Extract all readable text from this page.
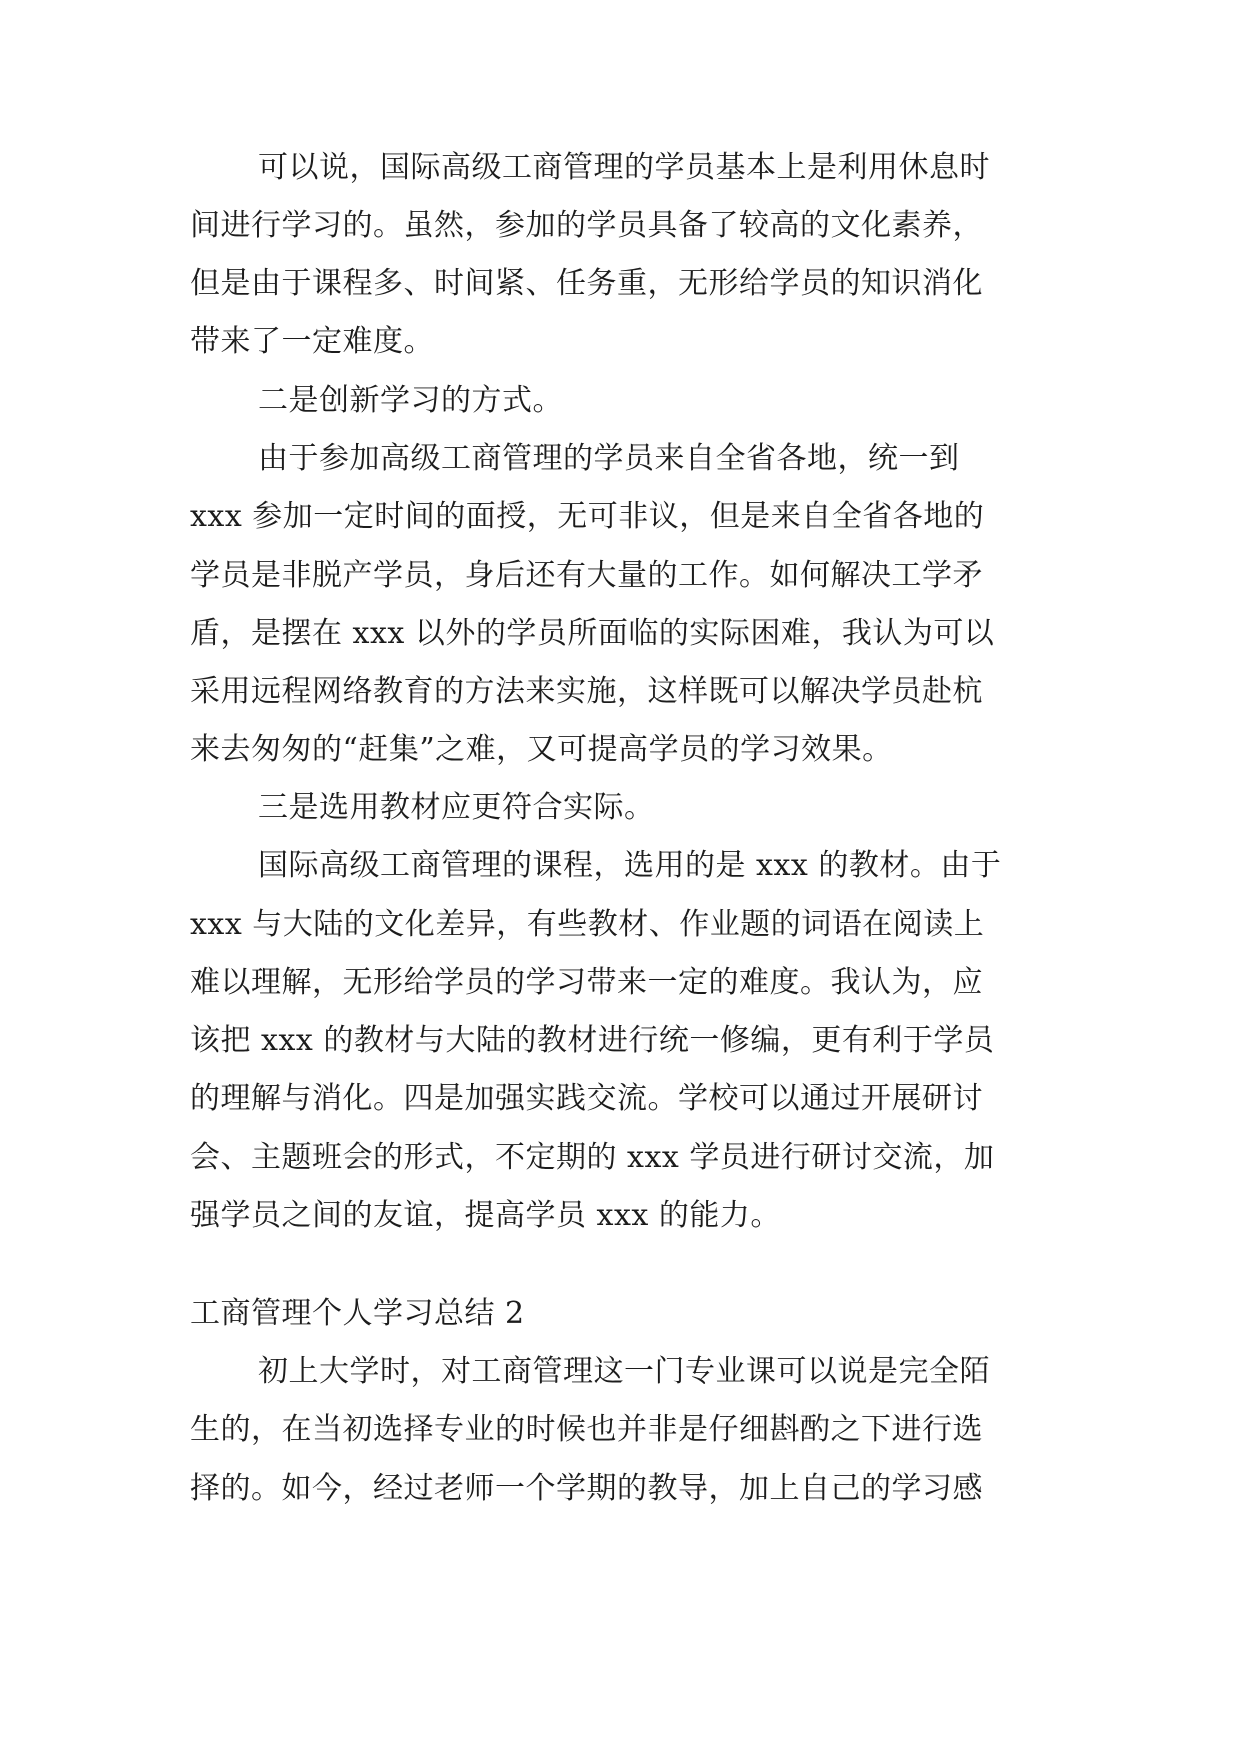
可以说，国际高级工商管理的学员基本上是利用休息时
间进行学习的。虽然，参加的学员具备了较高的文化素养，
但是由于课程多、时间紧、任务重，无形给学员的知识消化
带来了一定难度。
二是创新学习的方式。
由于参加高级工商管理的学员来自全省各地，统一到
xxx 参加一定时间的面授，无可非议，但是来自全省各地的
学员是非脱产学员，身后还有大量的工作。如何解决工学矛
盾，是摆在 xxx 以外的学员所面临的实际困难，我认为可以
采用远程网络教育的方法来实施，这样既可以解决学员赴杭
来去匆匆的“赶集”之难，又可提高学员的学习效果。
三是选用教材应更符合实际。
国际高级工商管理的课程，选用的是 xxx 的教材。由于
xxx 与大陆的文化差异，有些教材、作业题的词语在阅读上
难以理解，无形给学员的学习带来一定的难度。我认为，应
该把 xxx 的教材与大陆的教材进行统一修编，更有利于学员
的理解与消化。四是加强实践交流。学校可以通过开展研讨
会、主题班会的形式，不定期的 xxx 学员进行研讨交流，加
强学员之间的友谊，提高学员 xxx 的能力。
工商管理个人学习总结 2
初上大学时，对工商管理这一门专业课可以说是完全陌
生的，在当初选择专业的时候也并非是仔细斟酌之下进行选
择的。如今，经过老师一个学期的教导，加上自己的学习感
